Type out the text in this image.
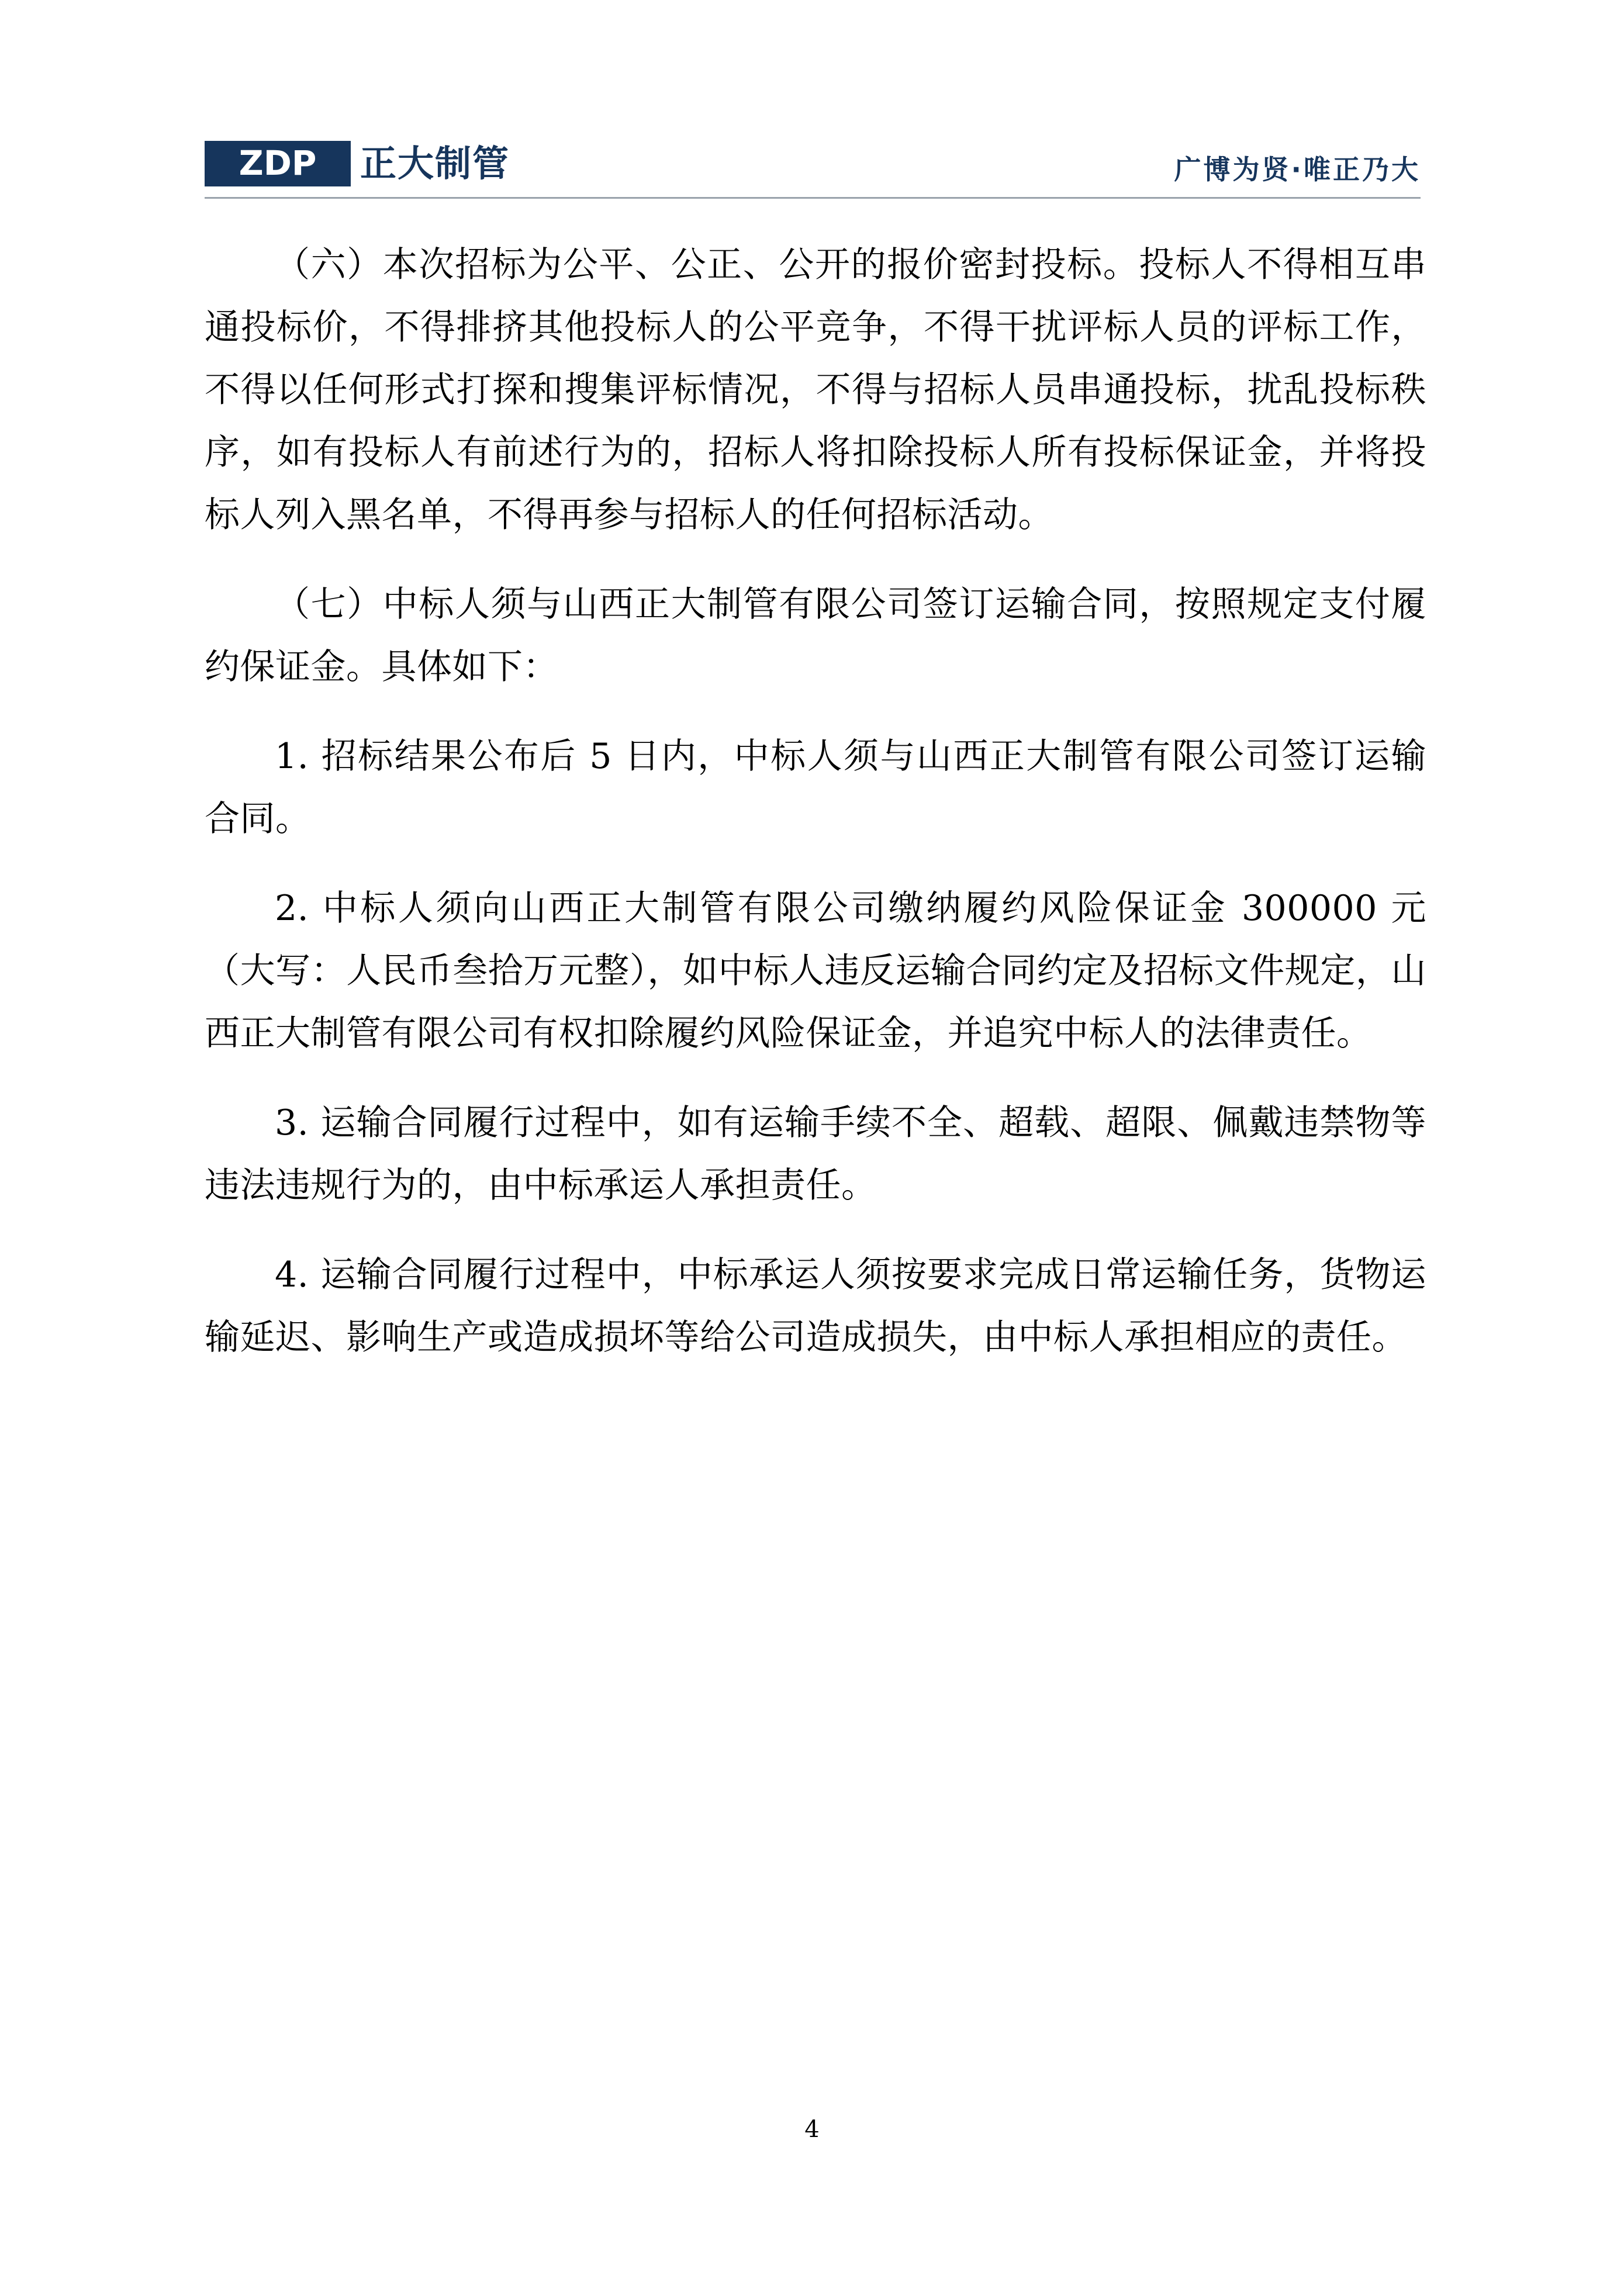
ZDP 正大制管	广博为贤·唯正乃大

（六）本次招标为公平、公正、公开的报价密封投标。投标人不得相互串通投标价，不得排挤其他投标人的公平竞争，不得干扰评标人员的评标工作，不得以任何形式打探和搜集评标情况，不得与招标人员串通投标，扰乱投标秩序，如有投标人有前述行为的，招标人将扣除投标人所有投标保证金，并将投标人列入黑名单，不得再参与招标人的任何招标活动。

（七）中标人须与山西正大制管有限公司签订运输合同，按照规定支付履约保证金。具体如下：

1. 招标结果公布后 5 日内，中标人须与山西正大制管有限公司签订运输合同。

2. 中标人须向山西正大制管有限公司缴纳履约风险保证金 300000 元（大写：人民币叁拾万元整），如中标人违反运输合同约定及招标文件规定，山西正大制管有限公司有权扣除履约风险保证金，并追究中标人的法律责任。

3. 运输合同履行过程中，如有运输手续不全、超载、超限、佩戴违禁物等违法违规行为的，由中标承运人承担责任。

4. 运输合同履行过程中，中标承运人须按要求完成日常运输任务，货物运输延迟、影响生产或造成损坏等给公司造成损失，由中标人承担相应的责任。

4
